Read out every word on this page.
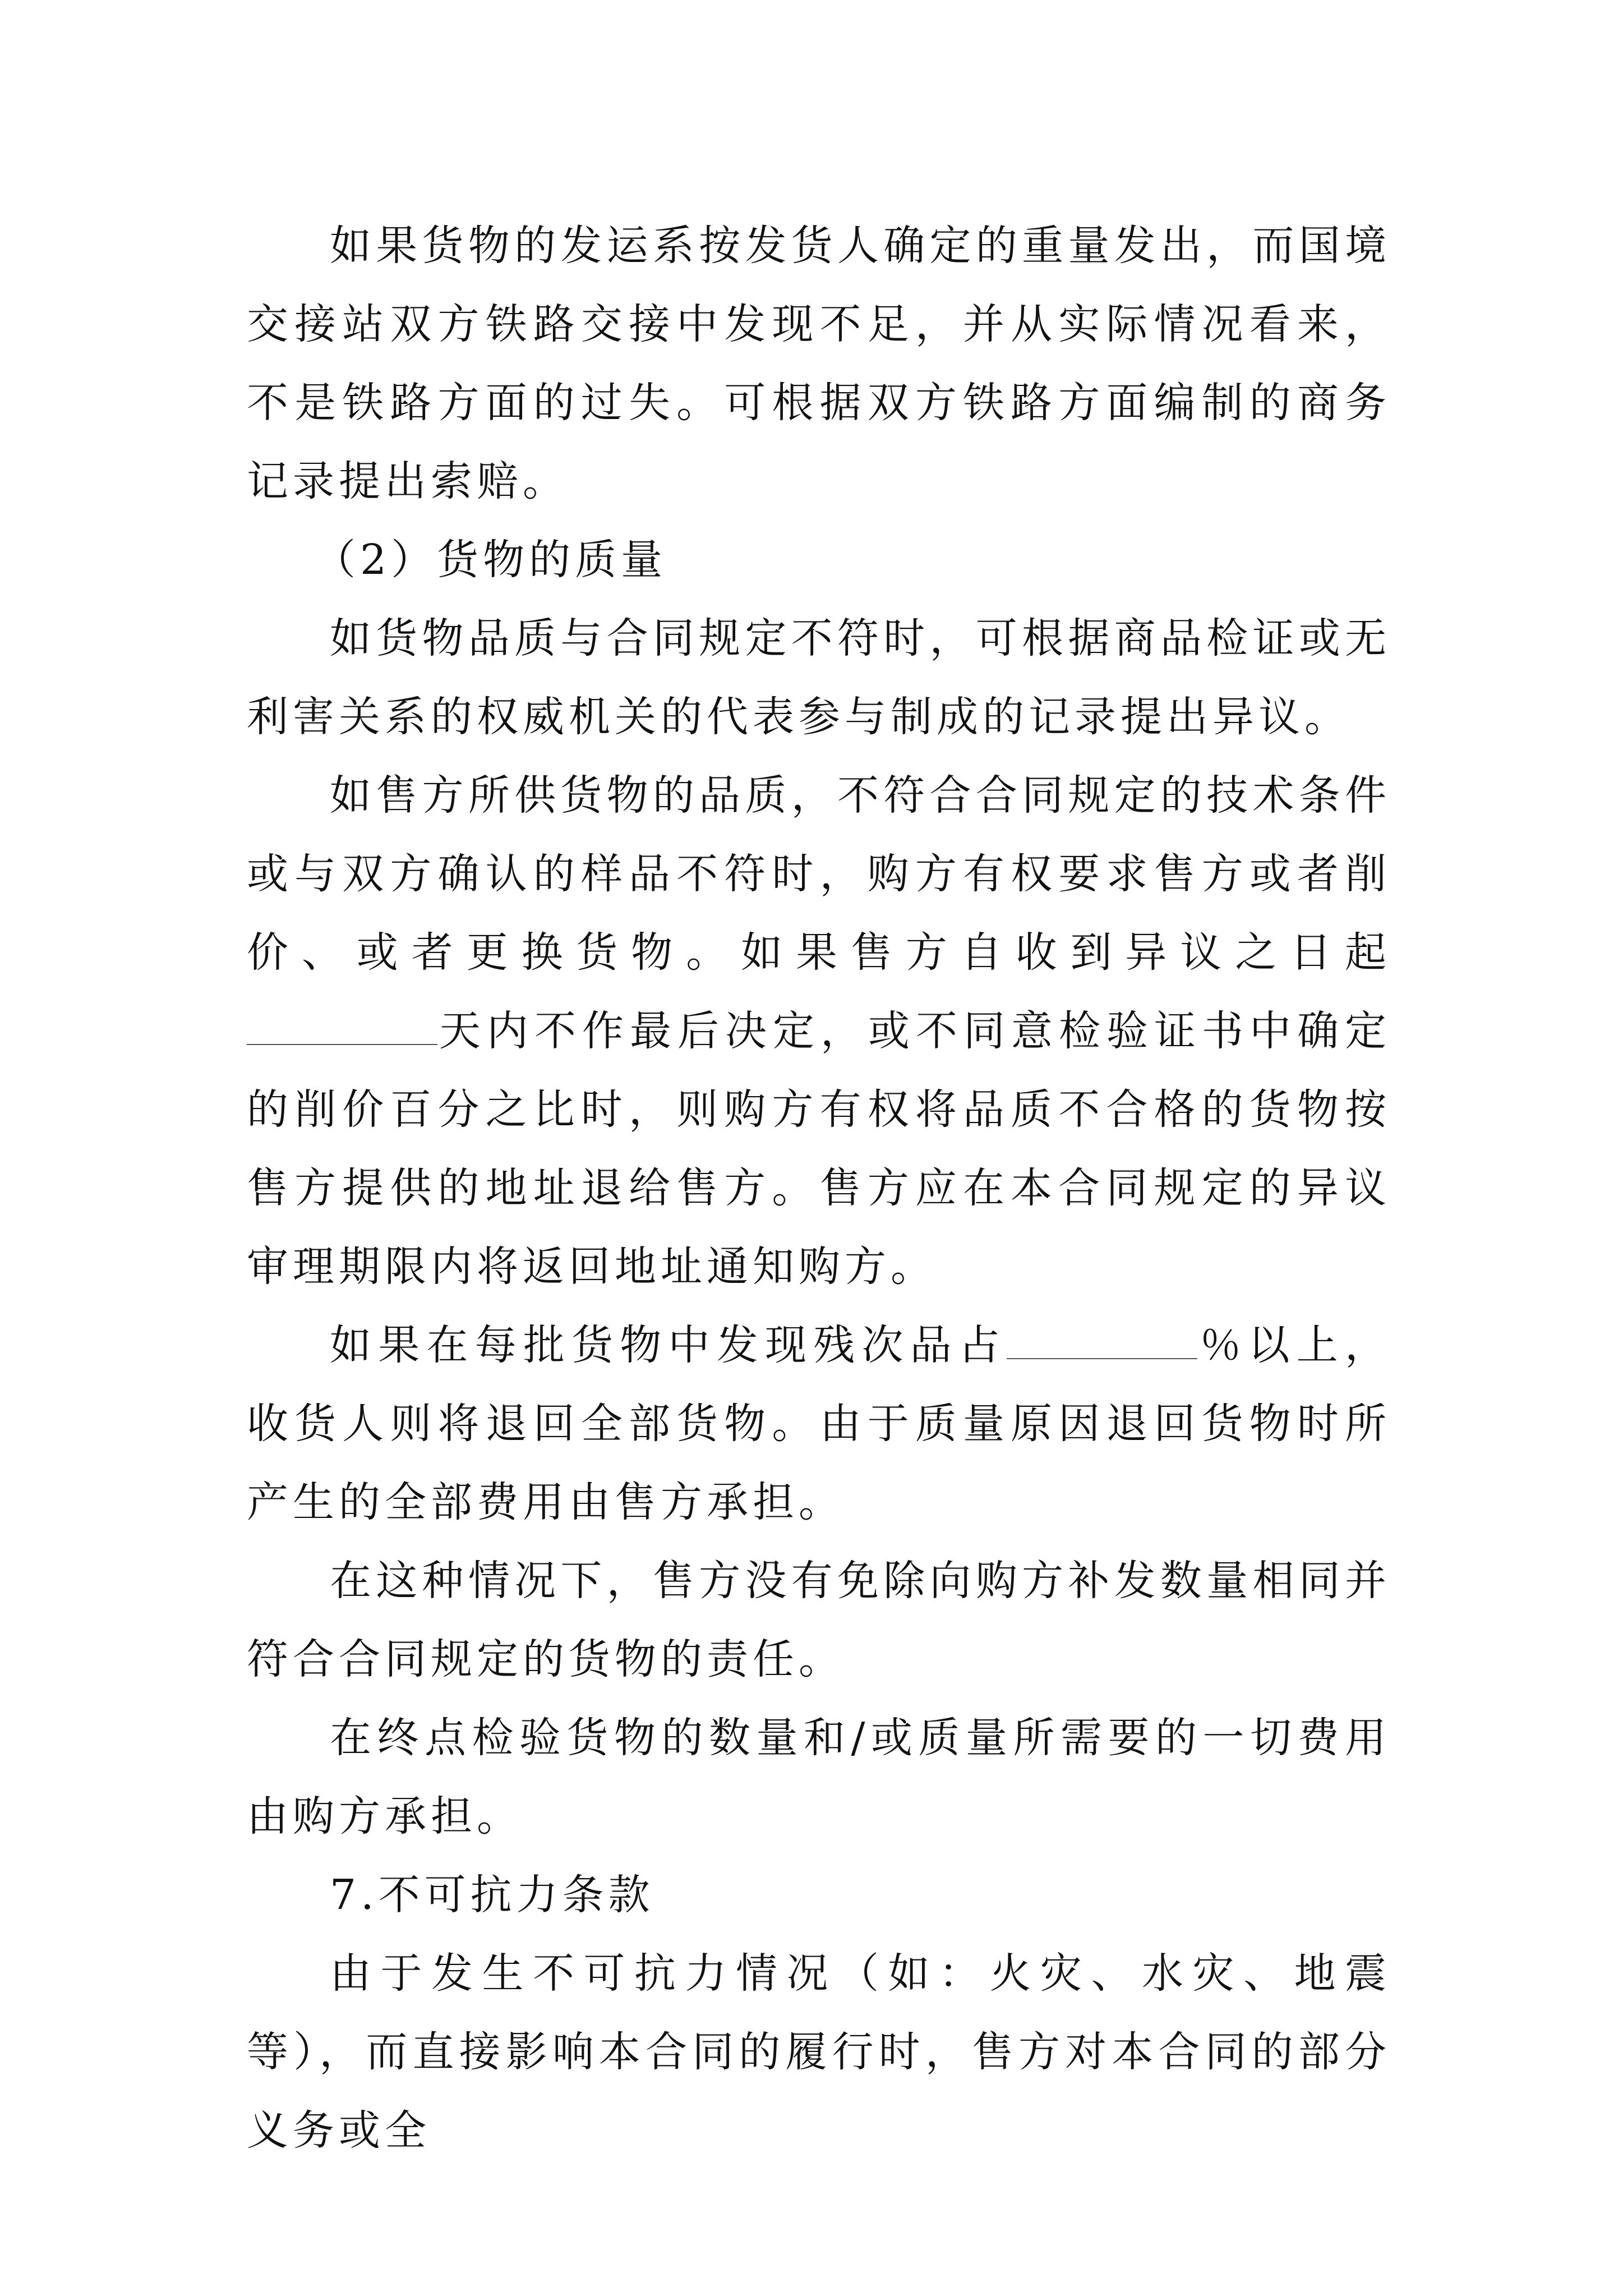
如果货物的发运系按发货人确定的重量发出，而国境交接站双方铁路交接中发现不足，并从实际情况看来，不是铁路方面的过失。可根据双方铁路方面编制的商务记录提出索赔。

（2）货物的质量

如货物品质与合同规定不符时，可根据商品检证或无利害关系的权威机关的代表参与制成的记录提出异议。

如售方所供货物的品质，不符合合同规定的技术条件或与双方确认的样品不符时，购方有权要求售方或者削价、或者更换货物。如果售方自收到异议之日起天内不作最后决定，或不同意检验证书中确定的削价百分之比时，则购方有权将品质不合格的货物按售方提供的地址退给售方。售方应在本合同规定的异议审理期限内将返回地址通知购方。

如果在每批货物中发现残次品占	％以上，收货人则将退回全部货物。由于质量原因退回货物时所产生的全部费用由售方承担。

在这种情况下，售方没有免除向购方补发数量相同并符合合同规定的货物的责任。

在终点检验货物的数量和/或质量所需要的一切费用由购方承担。

7.不可抗力条款

由于发生不可抗力情况（如：火灾、水灾、地震等），而直接影响本合同的履行时，售方对本合同的部分义务或全
